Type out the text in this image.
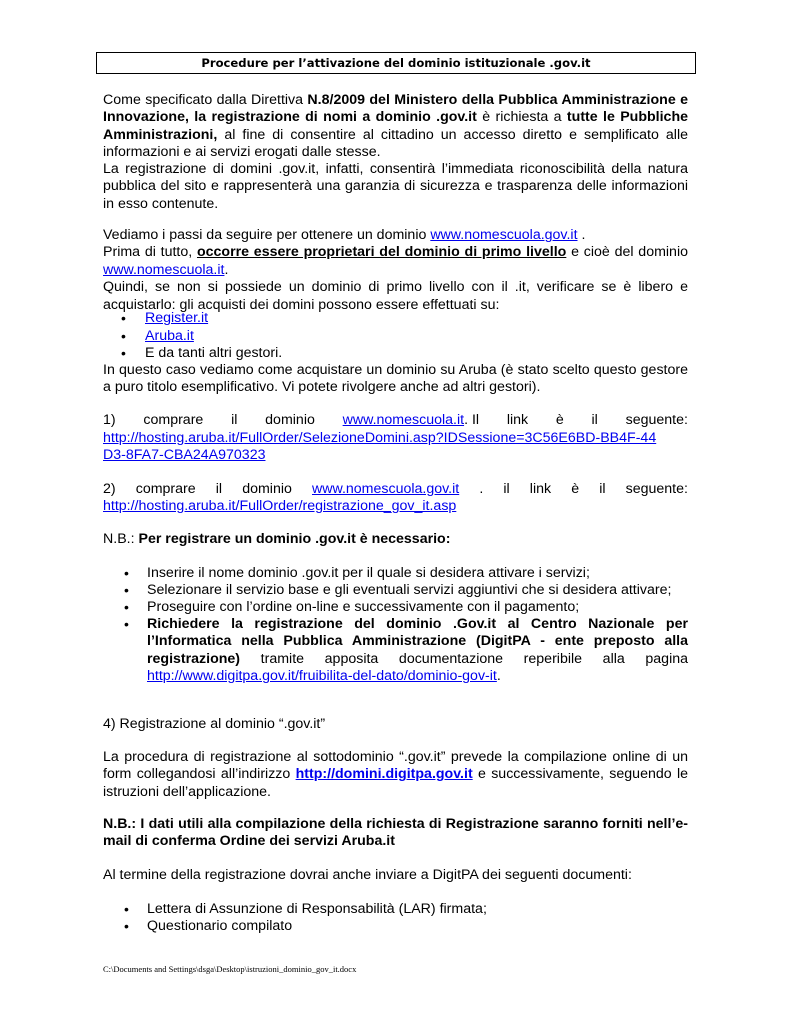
Procedure per l’attivazione del dominio istituzionale .gov.it

Come specificato dalla Direttiva N.8/2009 del Ministero della Pubblica Amministrazione e Innovazione, la registrazione di nomi a dominio .gov.it è richiesta a tutte le Pubbliche Amministrazioni, al fine di consentire al cittadino un accesso diretto e semplificato alle informazioni e ai servizi erogati dalle stesse.

La registrazione di domini .gov.it, infatti, consentirà l’immediata riconoscibilità della natura pubblica del sito e rappresenterà una garanzia di sicurezza e trasparenza delle informazioni in esso contenute.

Vediamo i passi da seguire per ottenere un dominio www.nomescuola.gov.it .
Prima di tutto, occorre essere proprietari del dominio di primo livello e cioè del dominio www.nomescuola.it.
Quindi, se non si possiede un dominio di primo livello con il .it, verificare se è libero e acquistarlo: gli acquisti dei domini possono essere effettuati su:

• Register.it
• Aruba.it
• E da tanti altri gestori.

In questo caso vediamo come acquistare un dominio su Aruba (è stato scelto questo gestore a puro titolo esemplificativo. Vi potete rivolgere anche ad altri gestori).

1) comprare il dominio www.nomescuola.it. Il link è il seguente:
http://hosting.aruba.it/FullOrder/SelezioneDomini.asp?IDSessione=3C56E6BD-BB4F-44D3-8FA7-CBA24A970323
2) comprare il dominio www.nomescuola.gov.it . il link è il seguente:
http://hosting.aruba.it/FullOrder/registrazione_gov_it.asp

N.B.: Per registrare un dominio .gov.it è necessario:

• Inserire il nome dominio .gov.it per il quale si desidera attivare i servizi;
• Selezionare il servizio base e gli eventuali servizi aggiuntivi che si desidera attivare;
• Proseguire con l’ordine on-line e successivamente con il pagamento;
• Richiedere la registrazione del dominio .Gov.it al Centro Nazionale per l’Informatica nella Pubblica Amministrazione (DigitPA - ente preposto alla registrazione) tramite apposita documentazione reperibile alla pagina http://www.digitpa.gov.it/fruibilita-del-dato/dominio-gov-it.

4) Registrazione al dominio “.gov.it”

La procedura di registrazione al sottodominio “.gov.it” prevede la compilazione online di un form collegandosi all’indirizzo http://domini.digitpa.gov.it e successivamente, seguendo le istruzioni dell’applicazione.

N.B.: I dati utili alla compilazione della richiesta di Registrazione saranno forniti nell’e-mail di conferma Ordine dei servizi Aruba.it

Al termine della registrazione dovrai anche inviare a DigitPA dei seguenti documenti:

• Lettera di Assunzione di Responsabilità (LAR) firmata;
• Questionario compilato
C:\Documents and Settings\dsga\Desktop\istruzioni_dominio_gov_it.docx
